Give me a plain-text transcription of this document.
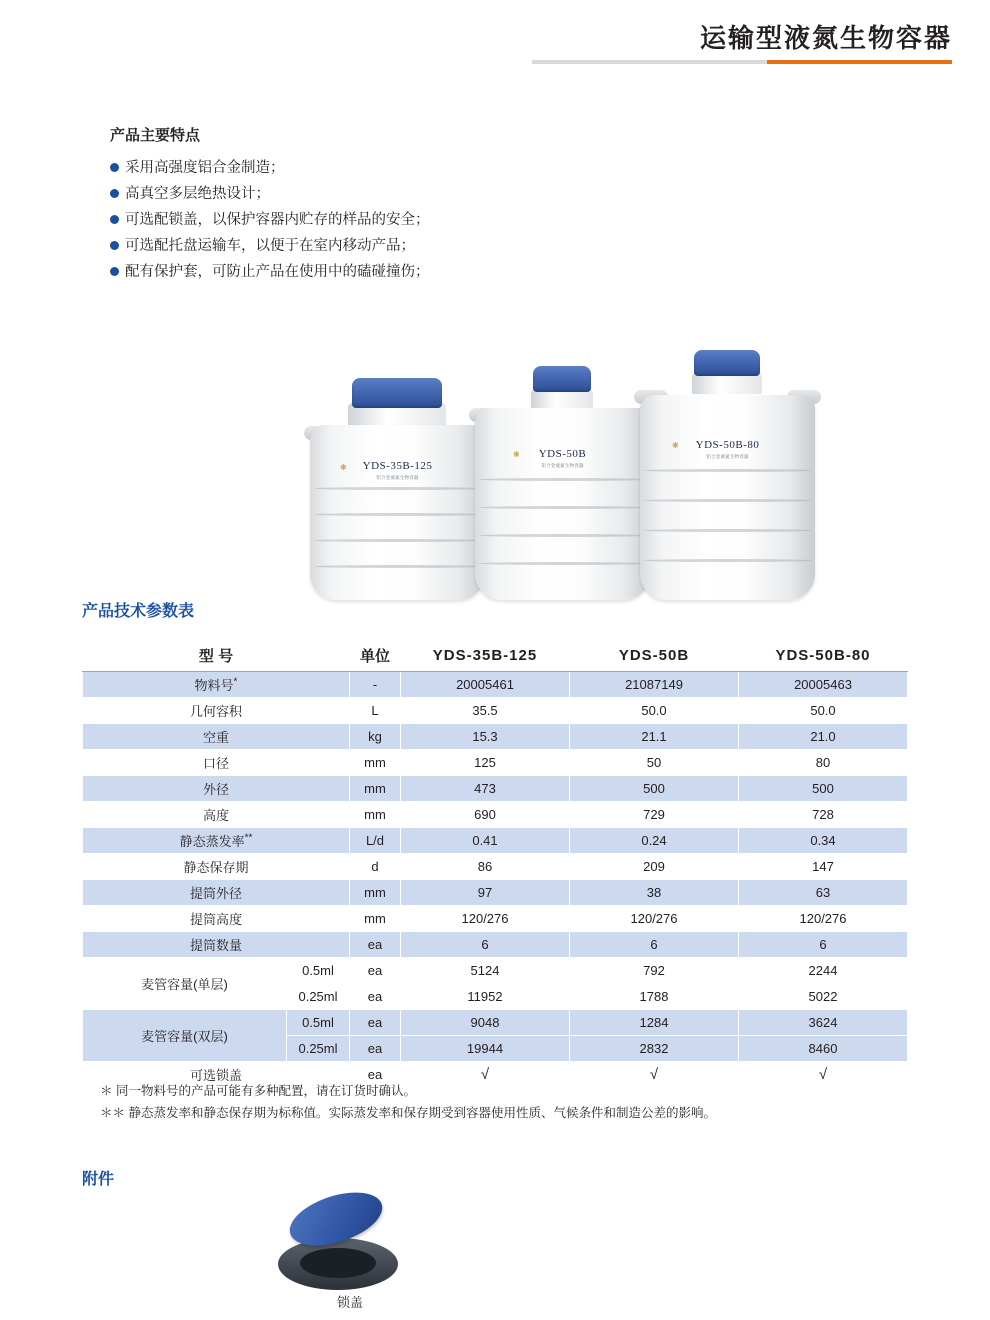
运输型液氮生物容器
产品主要特点
采用高强度铝合金制造；
高真空多层绝热设计；
可选配锁盖，以保护容器内贮存的样品的安全；
可选配托盘运输车，以便于在室内移动产品；
配有保护套，可防止产品在使用中的磕碰撞伤；
❋	YDS-35B-125
铝合金液氮生物容器
❋	YDS-50B
铝合金液氮生物容器
❋	YDS-50B-80
铝合金液氮生物容器
产品技术参数表
型 号		单位	YDS-35B-125	YDS-50B	YDS-50B-80
物料号*		-	20005461	21087149	20005463
几何容积		L	35.5	50.0	50.0
空重		kg	15.3	21.1	21.0
口径		mm	125	50	80
外径		mm	473	500	500
高度		mm	690	729	728
静态蒸发率**		L/d	0.41	0.24	0.34
静态保存期		d	86	209	147
提筒外径		mm	97	38	63
提筒高度		mm	120/276	120/276	120/276
提筒数量		ea	6	6	6
麦管容量(单层)	0.5ml	ea	5124	792	2244
	0.25ml	ea	11952	1788	5022
麦管容量(双层)	0.5ml	ea	9048	1284	3624
	0.25ml	ea	19944	2832	8460
可选锁盖		ea	√	√	√
＊ 同一物料号的产品可能有多种配置，请在订货时确认。
＊＊ 静态蒸发率和静态保存期为标称值。实际蒸发率和保存期受到容器使用性质、气候条件和制造公差的影响。
附件
锁盖
